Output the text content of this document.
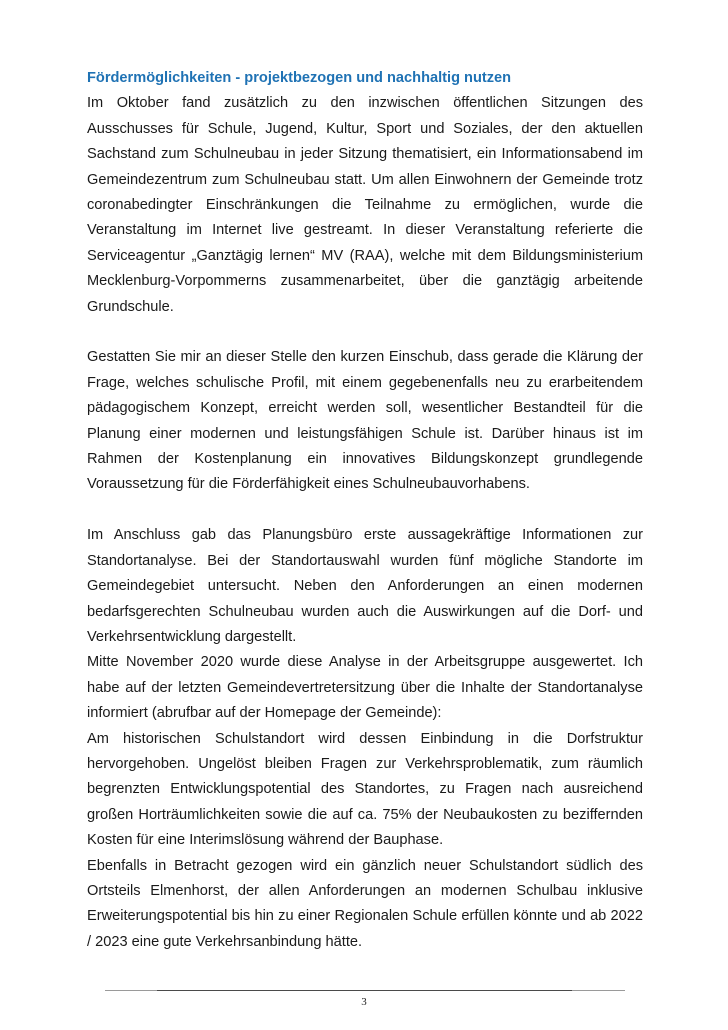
Fördermöglichkeiten - projektbezogen und nachhaltig nutzen

Im Oktober fand zusätzlich zu den inzwischen öffentlichen Sitzungen des Ausschusses für Schule, Jugend, Kultur, Sport und Soziales, der den aktuellen Sachstand zum Schulneubau in jeder Sitzung thematisiert, ein Informationsabend im Gemeindezentrum zum Schulneubau statt. Um allen Einwohnern der Gemeinde trotz coronabedingter Einschränkungen die Teilnahme zu ermöglichen, wurde die Veranstaltung im Internet live gestreamt. In dieser Veranstaltung referierte die Serviceagentur „Ganztägig lernen“ MV (RAA), welche mit dem Bildungsministerium Mecklenburg-Vorpommerns zusammenarbeitet, über die ganztägig arbeitende Grundschule.

Gestatten Sie mir an dieser Stelle den kurzen Einschub, dass gerade die Klärung der Frage, welches schulische Profil, mit einem gegebenenfalls neu zu erarbeitendem pädagogischem Konzept, erreicht werden soll, wesentlicher Bestandteil für die Planung einer modernen und leistungsfähigen Schule ist. Darüber hinaus ist im Rahmen der Kostenplanung ein innovatives Bildungskonzept grundlegende Voraussetzung für die Förderfähigkeit eines Schulneubauvorhabens.

Im Anschluss gab das Planungsbüro erste aussagekräftige Informationen zur Standortanalyse. Bei der Standortauswahl wurden fünf mögliche Standorte im Gemeindegebiet untersucht. Neben den Anforderungen an einen modernen bedarfsgerechten Schulneubau wurden auch die Auswirkungen auf die Dorf- und Verkehrsentwicklung dargestellt.

Mitte November 2020 wurde diese Analyse in der Arbeitsgruppe ausgewertet. Ich habe auf der letzten Gemeindevertretersitzung über die Inhalte der Standortanalyse informiert (abrufbar auf der Homepage der Gemeinde):

Am historischen Schulstandort wird dessen Einbindung in die Dorfstruktur hervorgehoben. Ungelöst bleiben Fragen zur Verkehrsproblematik, zum räumlich begrenzten Entwicklungspotential des Standortes, zu Fragen nach ausreichend großen Horträumlichkeiten sowie die auf ca. 75% der Neubaukosten zu beziffernden Kosten für eine Interimslösung während der Bauphase.

Ebenfalls in Betracht gezogen wird ein gänzlich neuer Schulstandort südlich des Ortsteils Elmenhorst, der allen Anforderungen an modernen Schulbau inklusive Erweiterungspotential bis hin zu einer Regionalen Schule erfüllen könnte und ab 2022 / 2023 eine gute Verkehrsanbindung hätte.

3
